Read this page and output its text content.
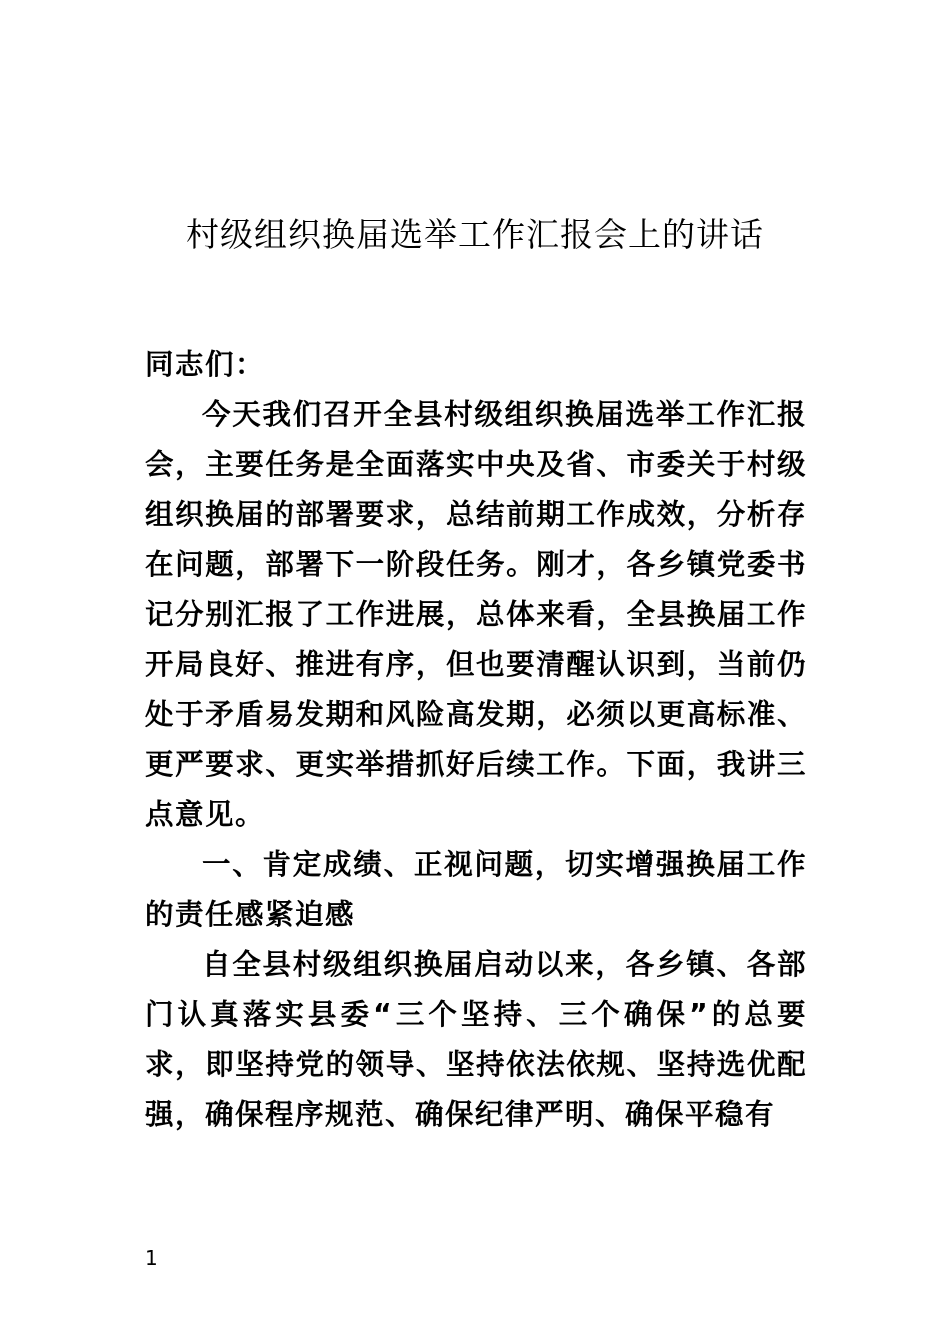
村级组织换届选举工作汇报会上的讲话

同志们：

今天我们召开全县村级组织换届选举工作汇报会，主要任务是全面落实中央及省、市委关于村级组织换届的部署要求，总结前期工作成效，分析存在问题，部署下一阶段任务。刚才，各乡镇党委书记分别汇报了工作进展，总体来看，全县换届工作开局良好、推进有序，但也要清醒认识到，当前仍处于矛盾易发期和风险高发期，必须以更高标准、更严要求、更实举措抓好后续工作。下面，我讲三点意见。

一、肯定成绩、正视问题，切实增强换届工作的责任感紧迫感

自全县村级组织换届启动以来，各乡镇、各部门认真落实县委“三个坚持、三个确保”的总要求，即坚持党的领导、坚持依法依规、坚持选优配强，确保程序规范、确保纪律严明、确保平稳有

1
